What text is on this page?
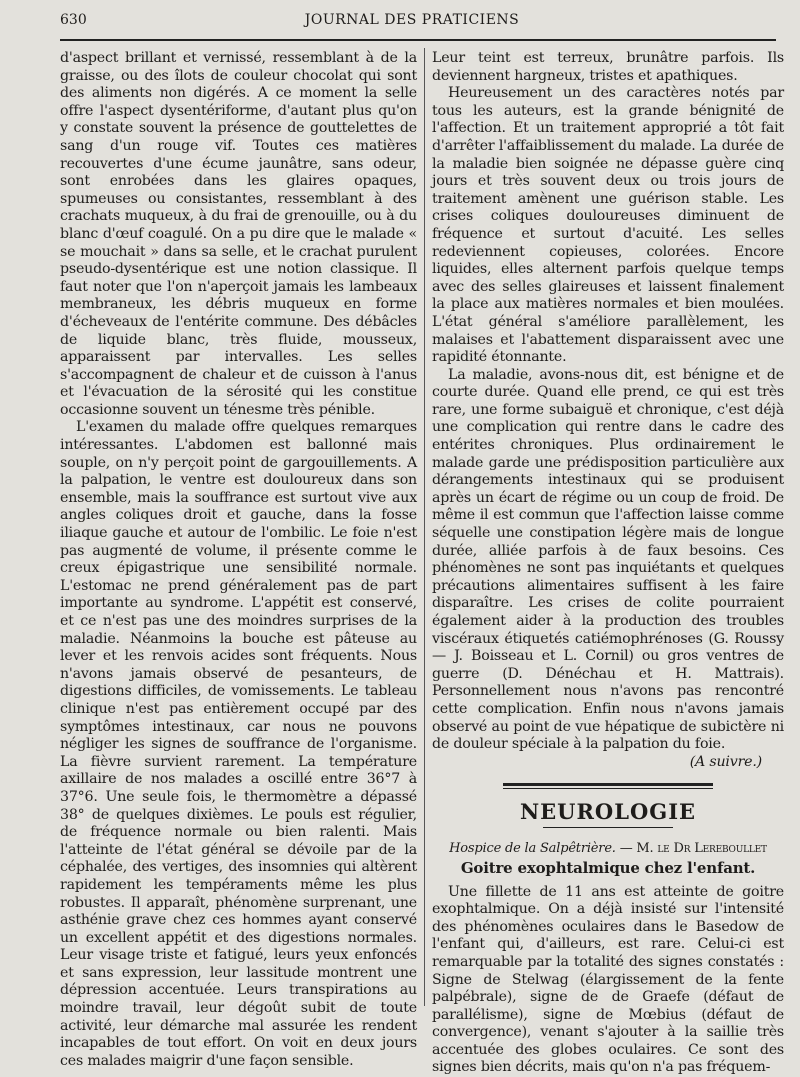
JOURNAL DES PRATICIENS
630

d'aspect brillant et vernissé, ressemblant à de la graisse, ou des îlots de couleur chocolat qui sont des aliments non digérés. A ce moment la selle offre l'aspect dysentériforme, d'autant plus qu'on y constate souvent la présence de gouttelettes de sang d'un rouge vif. Toutes ces matières recouvertes d'une écume jaunâtre, sans odeur, sont enrobées dans les glaires opaques, spumeuses ou consistantes, ressemblant à des crachats muqueux, à du frai de grenouille, ou à du blanc d'œuf coagulé. On a pu dire que le malade « se mouchait » dans sa selle, et le crachat purulent pseudo-dysentérique est une notion classique. Il faut noter que l'on n'aperçoit jamais les lambeaux membraneux, les débris muqueux en forme d'écheveaux de l'entérite commune. Des débâcles de liquide blanc, très fluide, mousseux, apparaissent par intervalles. Les selles s'accompagnent de chaleur et de cuisson à l'anus et l'évacuation de la sérosité qui les constitue occasionne souvent un ténesme très pénible.

L'examen du malade offre quelques remarques intéressantes. L'abdomen est ballonné mais souple, on n'y perçoit point de gargouillements. A la palpation, le ventre est douloureux dans son ensemble, mais la souffrance est surtout vive aux angles coliques droit et gauche, dans la fosse iliaque gauche et autour de l'ombilic. Le foie n'est pas augmenté de volume, il présente comme le creux épigastrique une sensibilité normale. L'estomac ne prend généralement pas de part importante au syndrome. L'appétit est conservé, et ce n'est pas une des moindres surprises de la maladie. Néanmoins la bouche est pâteuse au lever et les renvois acides sont fréquents. Nous n'avons jamais observé de pesanteurs, de digestions difficiles, de vomissements. Le tableau clinique n'est pas entièrement occupé par des symptômes intestinaux, car nous ne pouvons négliger les signes de souffrance de l'organisme. La fièvre survient rarement. La température axillaire de nos malades a oscillé entre 36°7 à 37°6. Une seule fois, le thermomètre a dépassé 38° de quelques dixièmes. Le pouls est régulier, de fréquence normale ou bien ralenti. Mais l'atteinte de l'état général se dévoile par de la céphalée, des vertiges, des insomnies qui altèrent rapidement les tempéraments même les plus robustes. Il apparaît, phénomène surprenant, une asthénie grave chez ces hommes ayant conservé un excellent appétit et des digestions normales. Leur visage triste et fatigué, leurs yeux enfoncés et sans expression, leur lassitude montrent une dépression accentuée. Leurs transpirations au moindre travail, leur dégoût subit de toute activité, leur démarche mal assurée les rendent incapables de tout effort. On voit en deux jours ces malades maigrir d'une façon sensible.

Leur teint est terreux, brunâtre parfois. Ils deviennent hargneux, tristes et apathiques.

Heureusement un des caractères notés par tous les auteurs, est la grande bénignité de l'affection. Et un traitement approprié a tôt fait d'arrêter l'affaiblissement du malade. La durée de la maladie bien soignée ne dépasse guère cinq jours et très souvent deux ou trois jours de traitement amènent une guérison stable. Les crises coliques douloureuses diminuent de fréquence et surtout d'acuité. Les selles redeviennent copieuses, colorées. Encore liquides, elles alternent parfois quelque temps avec des selles glaireuses et laissent finalement la place aux matières normales et bien moulées. L'état général s'améliore parallèlement, les malaises et l'abattement disparaissent avec une rapidité étonnante.

La maladie, avons-nous dit, est bénigne et de courte durée. Quand elle prend, ce qui est très rare, une forme subaiguë et chronique, c'est déjà une complication qui rentre dans le cadre des entérites chroniques. Plus ordinairement le malade garde une prédisposition particulière aux dérangements intestinaux qui se produisent après un écart de régime ou un coup de froid. De même il est commun que l'affection laisse comme séquelle une constipation légère mais de longue durée, alliée parfois à de faux besoins. Ces phénomènes ne sont pas inquiétants et quelques précautions alimentaires suffisent à les faire disparaître. Les crises de colite pourraient également aider à la production des troubles viscéraux étiquetés catiémophrénoses (G. Roussy — J. Boisseau et L. Cornil) ou gros ventres de guerre (D. Dénéchau et H. Mattrais). Personnellement nous n'avons pas rencontré cette complication. Enfin nous n'avons jamais observé au point de vue hépatique de subictère ni de douleur spéciale à la palpation du foie.

(A suivre.)

NEUROLOGIE
Hospice de la Salpêtrière. — M. le Dr Lereboullet
Goitre exophtalmique chez l'enfant.

Une fillette de 11 ans est atteinte de goitre exophtalmique. On a déjà insisté sur l'intensité des phénomènes oculaires dans le Basedow de l'enfant qui, d'ailleurs, est rare. Celui-ci est remarquable par la totalité des signes constatés : Signe de Stelwag (élargissement de la fente palpébrale), signe de de Graefe (défaut de parallélisme), signe de Mœbius (défaut de convergence), venant s'ajouter à la saillie très accentuée des globes oculaires. Ce sont des signes bien décrits, mais qu'on n'a pas fréquem-
